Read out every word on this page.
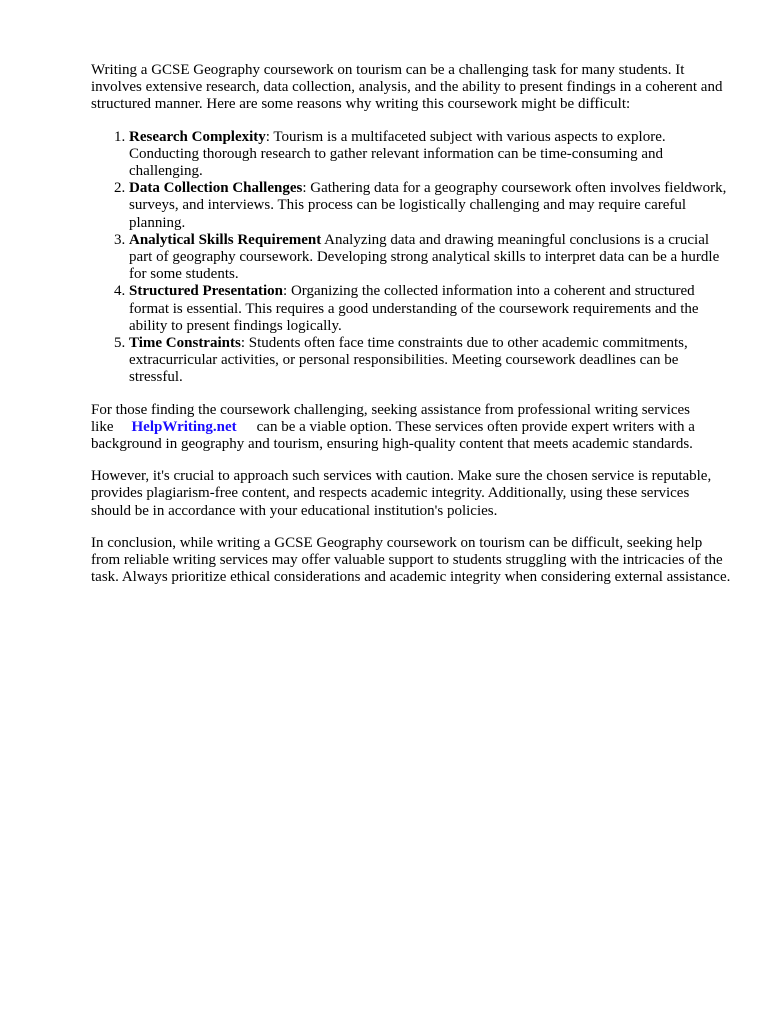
Writing a GCSE Geography coursework on tourism can be a challenging task for many students. It involves extensive research, data collection, analysis, and the ability to present findings in a coherent and structured manner. Here are some reasons why writing this coursework might be difficult:

1. Research Complexity: Tourism is a multifaceted subject with various aspects to explore. Conducting thorough research to gather relevant information can be time-consuming and challenging.
2. Data Collection Challenges: Gathering data for a geography coursework often involves fieldwork, surveys, and interviews. This process can be logistically challenging and may require careful planning.
3. Analytical Skills Requirement Analyzing data and drawing meaningful conclusions is a crucial part of geography coursework. Developing strong analytical skills to interpret data can be a hurdle for some students.
4. Structured Presentation: Organizing the collected information into a coherent and structured format is essential. This requires a good understanding of the coursework requirements and the ability to present findings logically.
5. Time Constraints: Students often face time constraints due to other academic commitments, extracurricular activities, or personal responsibilities. Meeting coursework deadlines can be stressful.

For those finding the coursework challenging, seeking assistance from professional writing services like HelpWriting.net can be a viable option. These services often provide expert writers with a background in geography and tourism, ensuring high-quality content that meets academic standards.

However, it's crucial to approach such services with caution. Make sure the chosen service is reputable, provides plagiarism-free content, and respects academic integrity. Additionally, using these services should be in accordance with your educational institution's policies.

In conclusion, while writing a GCSE Geography coursework on tourism can be difficult, seeking help from reliable writing services may offer valuable support to students struggling with the intricacies of the task. Always prioritize ethical considerations and academic integrity when considering external assistance.
